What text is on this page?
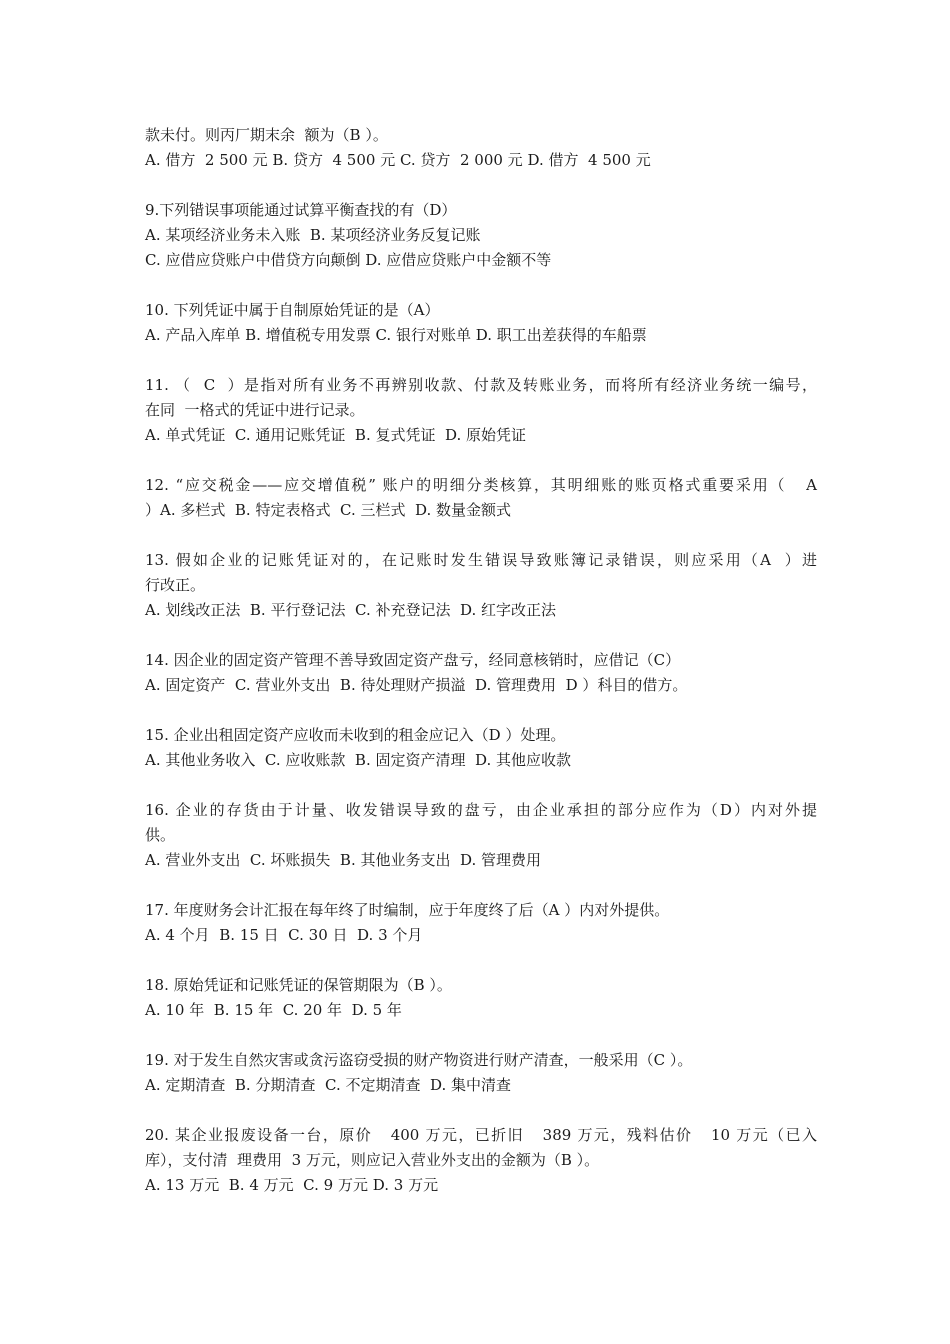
款未付。则丙厂期末余  额为（B ）。
A. 借方  2 500 元 B. 贷方  4 500 元 C. 贷方  2 000 元 D. 借方  4 500 元
9.下列错误事项能通过试算平衡查找的有（D）
A. 某项经济业务未入账  B. 某项经济业务反复记账
C. 应借应贷账户中借贷方向颠倒 D. 应借应贷账户中金额不等
10. 下列凭证中属于自制原始凭证的是（A）
A. 产品入库单 B. 增值税专用发票 C. 银行对账单 D. 职工出差获得的车船票
11. （  C  ）是指对所有业务不再辨别收款、付款及转账业务，而将所有经济业务统一编号，
在同  一格式的凭证中进行记录。
A. 单式凭证  C. 通用记账凭证  B. 复式凭证  D. 原始凭证
12. “应交税金——应交增值税” 账户的明细分类核算，其明细账的账页格式重要采用（   A
）A. 多栏式  B. 特定表格式  C. 三栏式  D. 数量金额式
13. 假如企业的记账凭证对的，在记账时发生错误导致账簿记录错误，则应采用（A  ）进
行改正。
A. 划线改正法  B. 平行登记法  C. 补充登记法  D. 红字改正法
14. 因企业的固定资产管理不善导致固定资产盘亏，经同意核销时，应借记（C）
A. 固定资产  C. 营业外支出  B. 待处理财产损溢  D. 管理费用  D ）科目的借方。
15. 企业出租固定资产应收而未收到的租金应记入（D ）处理。
A. 其他业务收入  C. 应收账款  B. 固定资产清理  D. 其他应收款
16. 企业的存货由于计量、收发错误导致的盘亏，由企业承担的部分应作为（D）内对外提
供。
A. 营业外支出  C. 坏账损失  B. 其他业务支出  D. 管理费用
17. 年度财务会计汇报在每年终了时编制，应于年度终了后（A ）内对外提供。
A. 4 个月  B. 15 日  C. 30 日  D. 3 个月
18. 原始凭证和记账凭证的保管期限为（B ）。
A. 10 年  B. 15 年  C. 20 年  D. 5 年
19. 对于发生自然灾害或贪污盗窃受损的财产物资进行财产清查，一般采用（C ）。
A. 定期清查  B. 分期清查  C. 不定期清查  D. 集中清查
20. 某企业报废设备一台，原价   400 万元，已折旧   389 万元，残料估价   10 万元（已入
库），支付清  理费用  3 万元，则应记入营业外支出的金额为（B ）。
A. 13 万元  B. 4 万元  C. 9 万元 D. 3 万元
